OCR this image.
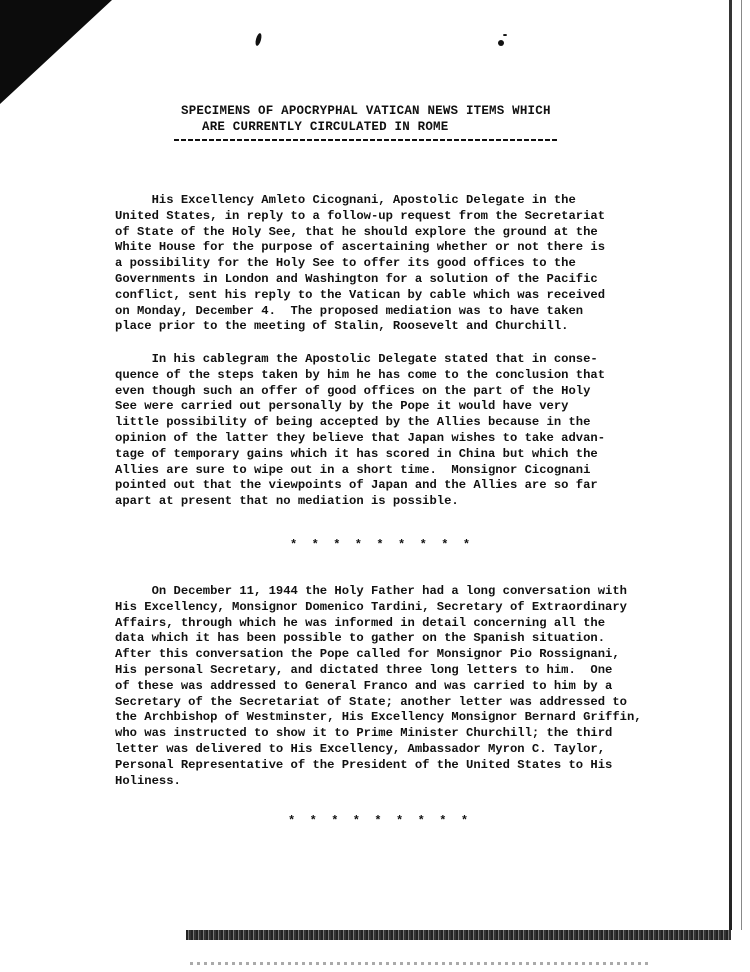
SPECIMENS OF APOCRYPHAL VATICAN NEWS ITEMS WHICH
ARE CURRENTLY CIRCULATED IN ROME
His Excellency Amleto Cicognani, Apostolic Delegate in the
United States, in reply to a follow-up request from the Secretariat
of State of the Holy See, that he should explore the ground at the
White House for the purpose of ascertaining whether or not there is
a possibility for the Holy See to offer its good offices to the
Governments in London and Washington for a solution of the Pacific
conflict, sent his reply to the Vatican by cable which was received
on Monday, December 4.  The proposed mediation was to have taken
place prior to the meeting of Stalin, Roosevelt and Churchill.
In his cablegram the Apostolic Delegate stated that in conse-
quence of the steps taken by him he has come to the conclusion that
even though such an offer of good offices on the part of the Holy
See were carried out personally by the Pope it would have very
little possibility of being accepted by the Allies because in the
opinion of the latter they believe that Japan wishes to take advan-
tage of temporary gains which it has scored in China but which the
Allies are sure to wipe out in a short time.  Monsignor Cicognani
pointed out that the viewpoints of Japan and the Allies are so far
apart at present that no mediation is possible.
* * * * * * * * *
On December 11, 1944 the Holy Father had a long conversation with
His Excellency, Monsignor Domenico Tardini, Secretary of Extraordinary
Affairs, through which he was informed in detail concerning all the
data which it has been possible to gather on the Spanish situation.
After this conversation the Pope called for Monsignor Pio Rossignani,
His personal Secretary, and dictated three long letters to him.  One
of these was addressed to General Franco and was carried to him by a
Secretary of the Secretariat of State; another letter was addressed to
the Archbishop of Westminster, His Excellency Monsignor Bernard Griffin,
who was instructed to show it to Prime Minister Churchill; the third
letter was delivered to His Excellency, Ambassador Myron C. Taylor,
Personal Representative of the President of the United States to His
Holiness.
* * * * * * * * *
